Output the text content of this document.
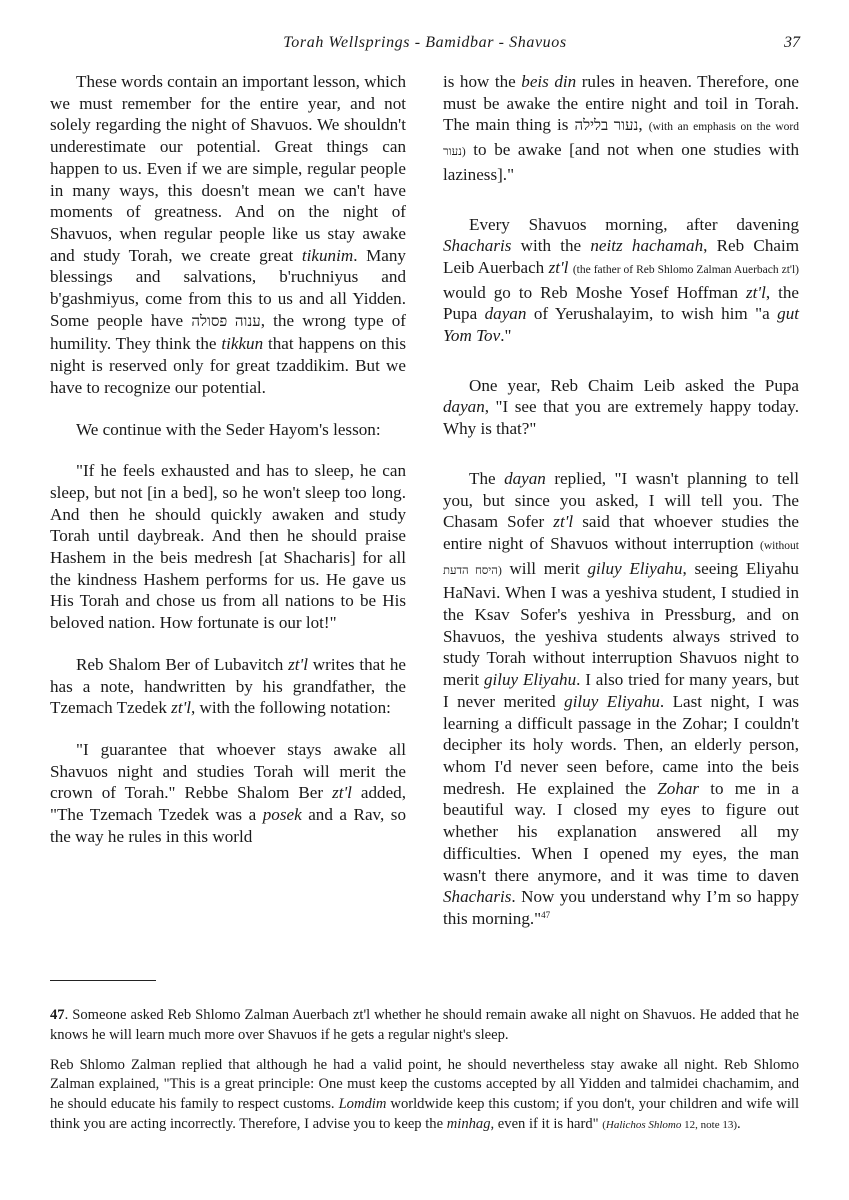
Torah Wellsprings - Bamidbar - Shavuos	37

These words contain an important lesson, which we must remember for the entire year, and not solely regarding the night of Shavuos. We shouldn't underestimate our potential. Great things can happen to us. Even if we are simple, regular people in many ways, this doesn't mean we can't have moments of greatness. And on the night of Shavuos, when regular people like us stay awake and study Torah, we create great tikunim. Many blessings and salvations, b'ruchniyus and b'gashmiyus, come from this to us and all Yidden. Some people have ענוה פסולה, the wrong type of humility. They think the tikkun that happens on this night is reserved only for great tzaddikim. But we have to recognize our potential.

We continue with the Seder Hayom's lesson:

"If he feels exhausted and has to sleep, he can sleep, but not [in a bed], so he won't sleep too long. And then he should quickly awaken and study Torah until daybreak. And then he should praise Hashem in the beis medresh [at Shacharis] for all the kindness Hashem performs for us. He gave us His Torah and chose us from all nations to be His beloved nation. How fortunate is our lot!"

Reb Shalom Ber of Lubavitch zt'l writes that he has a note, handwritten by his grandfather, the Tzemach Tzedek zt'l, with the following notation:

"I guarantee that whoever stays awake all Shavuos night and studies Torah will merit the crown of Torah." Rebbe Shalom Ber zt'l added, "The Tzemach Tzedek was a posek and a Rav, so the way he rules in this world

is how the beis din rules in heaven. Therefore, one must be awake the entire night and toil in Torah. The main thing is נעור בלילה, (with an emphasis on the word נעור) to be awake [and not when one studies with laziness]."

Every Shavuos morning, after davening Shacharis with the neitz hachamah, Reb Chaim Leib Auerbach zt'l (the father of Reb Shlomo Zalman Auerbach zt'l) would go to Reb Moshe Yosef Hoffman zt'l, the Pupa dayan of Yerushalayim, to wish him "a gut Yom Tov."

One year, Reb Chaim Leib asked the Pupa dayan, "I see that you are extremely happy today. Why is that?"

The dayan replied, "I wasn't planning to tell you, but since you asked, I will tell you. The Chasam Sofer zt'l said that whoever studies the entire night of Shavuos without interruption (without היסח הדעת) will merit giluy Eliyahu, seeing Eliyahu HaNavi. When I was a yeshiva student, I studied in the Ksav Sofer's yeshiva in Pressburg, and on Shavuos, the yeshiva students always strived to study Torah without interruption Shavuos night to merit giluy Eliyahu. I also tried for many years, but I never merited giluy Eliyahu. Last night, I was learning a difficult passage in the Zohar; I couldn't decipher its holy words. Then, an elderly person, whom I'd never seen before, came into the beis medresh. He explained the Zohar to me in a beautiful way. I closed my eyes to figure out whether his explanation answered all my difficulties. When I opened my eyes, the man wasn't there anymore, and it was time to daven Shacharis. Now you understand why I’m so happy this morning."$^{47}$

47. Someone asked Reb Shlomo Zalman Auerbach zt'l whether he should remain awake all night on Shavuos. He added that he knows he will learn much more over Shavuos if he gets a regular night's sleep.

Reb Shlomo Zalman replied that although he had a valid point, he should nevertheless stay awake all night. Reb Shlomo Zalman explained, "This is a great principle: One must keep the customs accepted by all Yidden and talmidei chachamim, and he should educate his family to respect customs. Lomdim worldwide keep this custom; if you don't, your children and wife will think you are acting incorrectly. Therefore, I advise you to keep the minhag, even if it is hard" (Halichos Shlomo 12, note 13).
